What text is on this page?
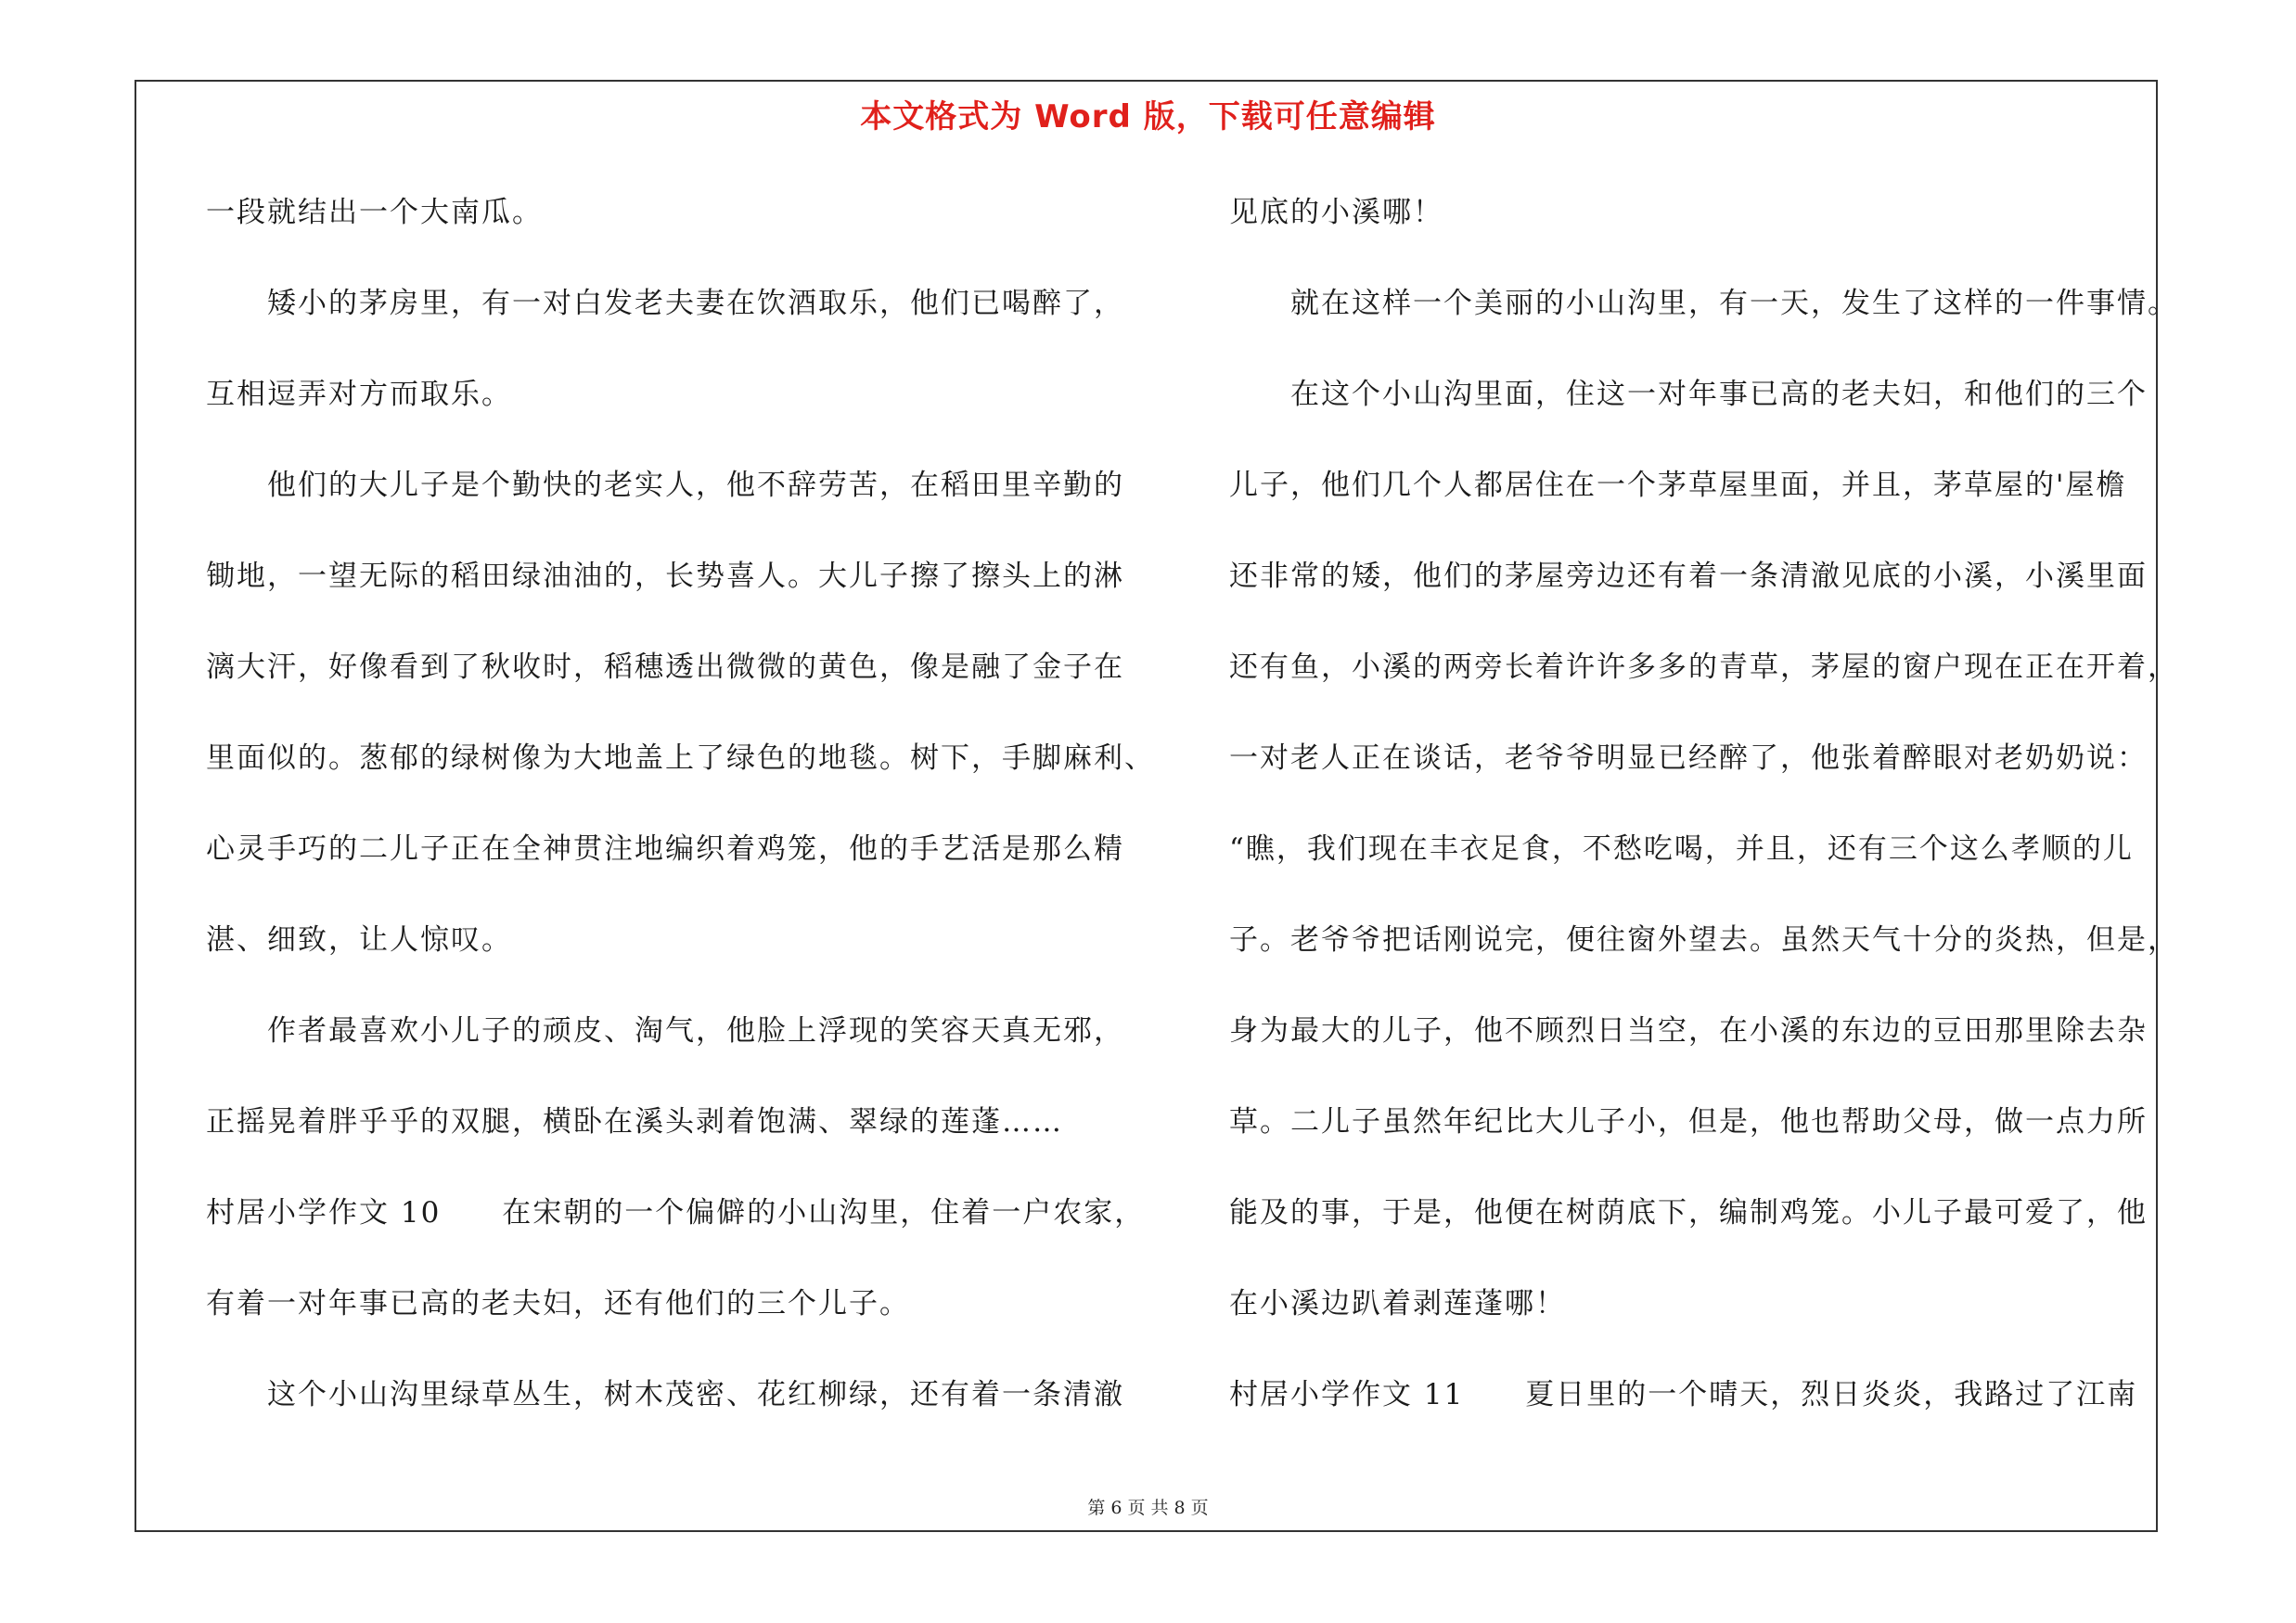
本文格式为 Word 版，下载可任意编辑
一段就结出一个大南瓜。
矮小的茅房里，有一对白发老夫妻在饮酒取乐，他们已喝醉了，
互相逗弄对方而取乐。
他们的大儿子是个勤快的老实人，他不辞劳苦，在稻田里辛勤的
锄地，一望无际的稻田绿油油的，长势喜人。大儿子擦了擦头上的淋
漓大汗，好像看到了秋收时，稻穗透出微微的黄色，像是融了金子在
里面似的。葱郁的绿树像为大地盖上了绿色的地毯。树下，手脚麻利、
心灵手巧的二儿子正在全神贯注地编织着鸡笼，他的手艺活是那么精
湛、细致，让人惊叹。
作者最喜欢小儿子的顽皮、淘气，他脸上浮现的笑容天真无邪，
正摇晃着胖乎乎的双腿，横卧在溪头剥着饱满、翠绿的莲蓬……
村居小学作文 10　　在宋朝的一个偏僻的小山沟里，住着一户农家，
有着一对年事已高的老夫妇，还有他们的三个儿子。
这个小山沟里绿草丛生，树木茂密、花红柳绿，还有着一条清澈
见底的小溪哪！
就在这样一个美丽的小山沟里，有一天，发生了这样的一件事情。
在这个小山沟里面，住这一对年事已高的老夫妇，和他们的三个
儿子，他们几个人都居住在一个茅草屋里面，并且，茅草屋的'屋檐
还非常的矮，他们的茅屋旁边还有着一条清澈见底的小溪，小溪里面
还有鱼，小溪的两旁长着许许多多的青草，茅屋的窗户现在正在开着，
一对老人正在谈话，老爷爷明显已经醉了，他张着醉眼对老奶奶说：
“瞧，我们现在丰衣足食，不愁吃喝，并且，还有三个这么孝顺的儿
子。老爷爷把话刚说完，便往窗外望去。虽然天气十分的炎热，但是，
身为最大的儿子，他不顾烈日当空，在小溪的东边的豆田那里除去杂
草。二儿子虽然年纪比大儿子小，但是，他也帮助父母，做一点力所
能及的事，于是，他便在树荫底下，编制鸡笼。小儿子最可爱了，他
在小溪边趴着剥莲蓬哪！
村居小学作文 11　　夏日里的一个晴天，烈日炎炎，我路过了江南
第 6 页 共 8 页
